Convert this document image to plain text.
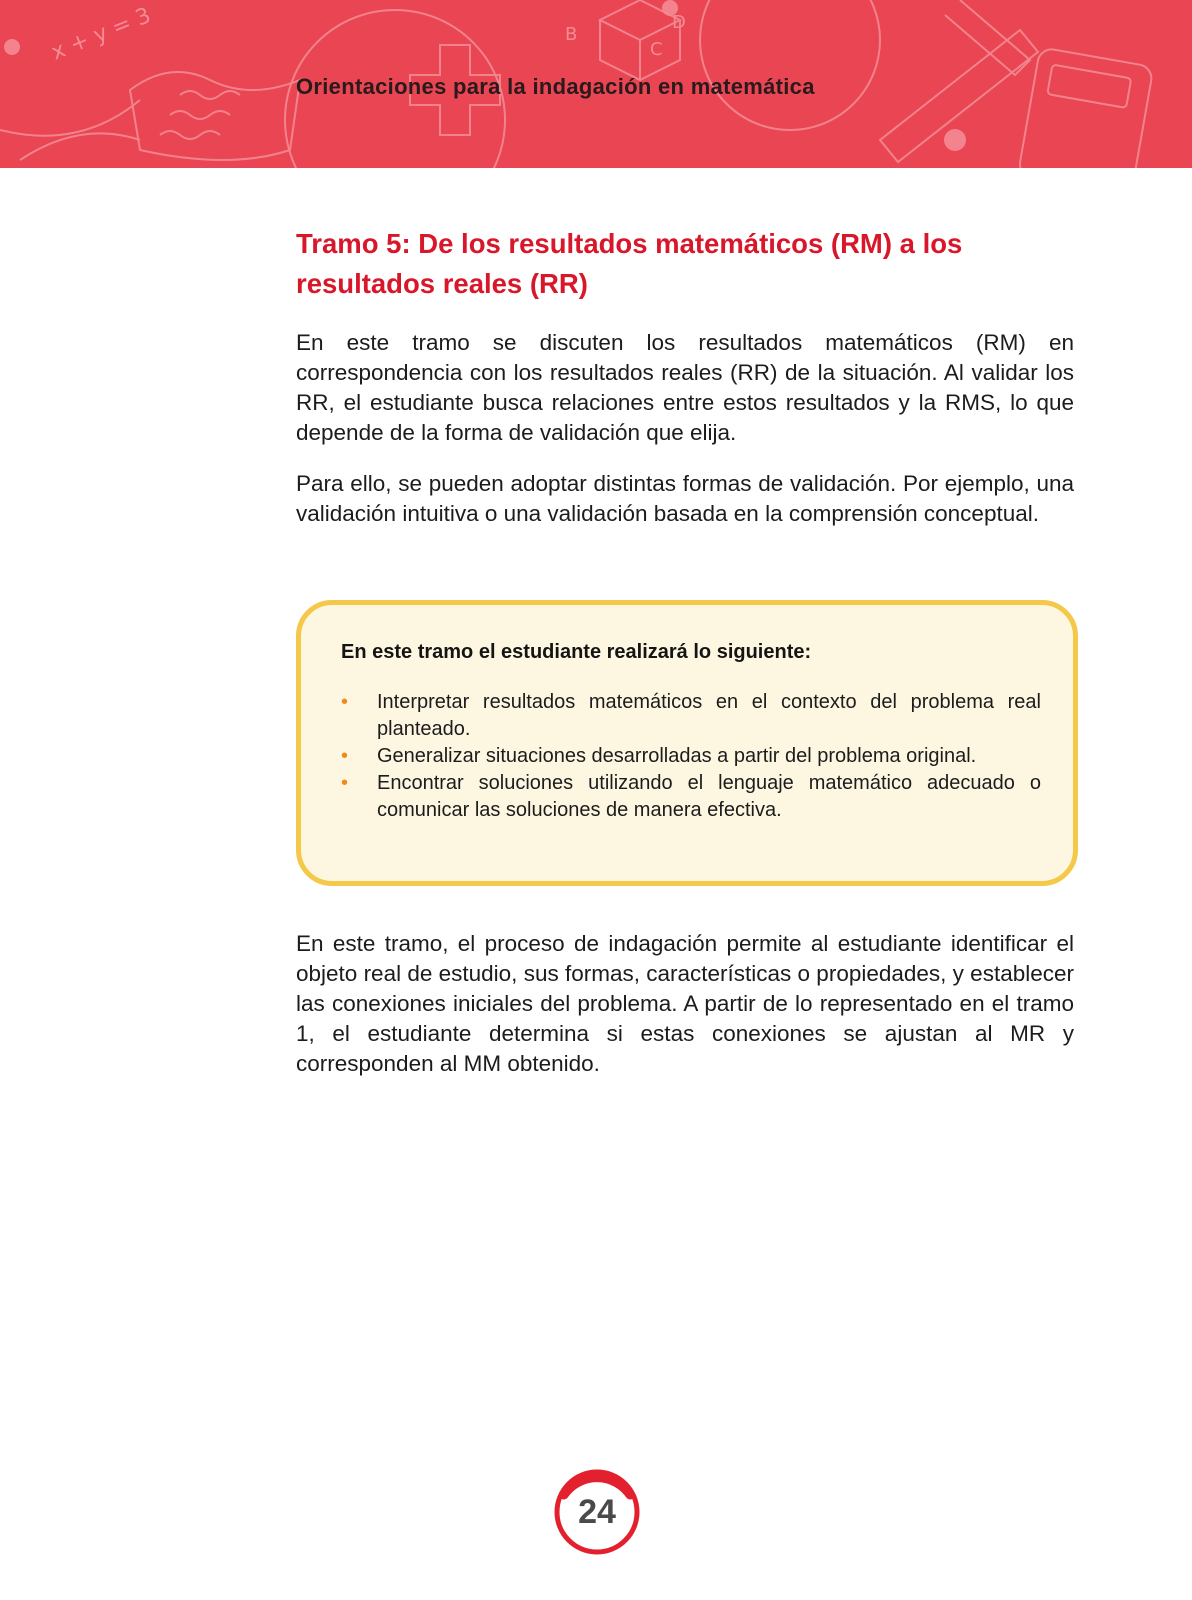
x + y = 3	B
C
D
Orientaciones para la indagación en matemática
Tramo 5: De los resultados matemáticos (RM) a los resultados reales (RR)

En este tramo se discuten los resultados matemáticos (RM) en correspondencia con los resultados reales (RR) de la situación. Al validar los RR, el estudiante busca relaciones entre estos resultados y la RMS, lo que depende de la forma de validación que elija.

Para ello, se pueden adoptar distintas formas de validación. Por ejemplo, una validación intuitiva o una validación basada en la comprensión conceptual.

En este tramo el estudiante realizará lo siguiente:
• Interpretar resultados matemáticos en el contexto del problema real planteado.
• Generalizar situaciones desarrolladas a partir del problema original.
• Encontrar soluciones utilizando el lenguaje matemático adecuado o comunicar las soluciones de manera efectiva.

En este tramo, el proceso de indagación permite al estudiante identificar el objeto real de estudio, sus formas, características o propiedades, y establecer las conexiones iniciales del problema. A partir de lo representado en el tramo 1, el estudiante determina si estas conexiones se ajustan al MR y corresponden al MM obtenido.

24
